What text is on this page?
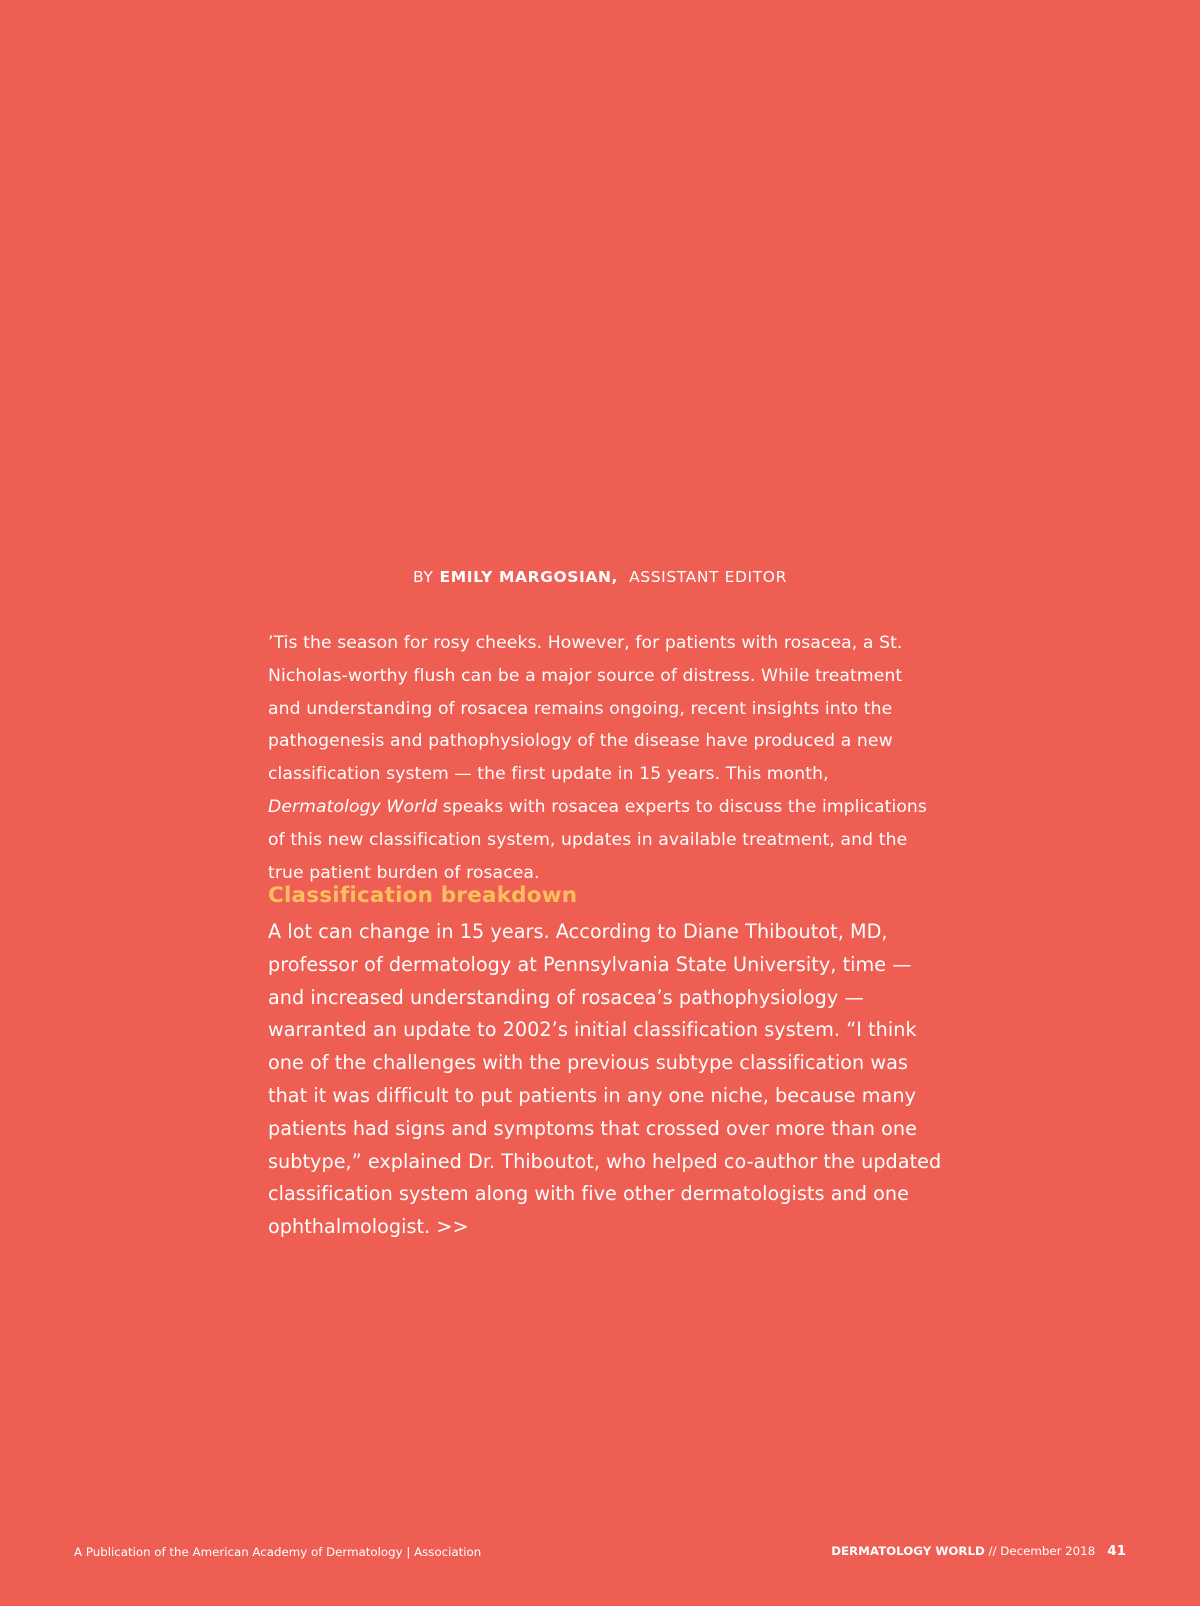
BY EMILY MARGOSIAN, ASSISTANT EDITOR

’Tis the season for rosy cheeks. However, for patients with rosacea, a St. Nicholas-worthy flush can be a major source of distress. While treatment and understanding of rosacea remains ongoing, recent insights into the pathogenesis and pathophysiology of the disease have produced a new classification system — the first update in 15 years. This month, Dermatology World speaks with rosacea experts to discuss the implications of this new classification system, updates in available treatment, and the true patient burden of rosacea.

Classification breakdown

A lot can change in 15 years. According to Diane Thiboutot, MD, professor of dermatology at Pennsylvania State University, time — and increased understanding of rosacea’s pathophysiology — warranted an update to 2002’s initial classification system. “I think one of the challenges with the previous subtype classification was that it was difficult to put patients in any one niche, because many patients had signs and symptoms that crossed over more than one subtype,” explained Dr. Thiboutot, who helped co-author the updated classification system along with five other dermatologists and one ophthalmologist. >>

A Publication of the American Academy of Dermatology | Association	DERMATOLOGY WORLD // December 2018 41
